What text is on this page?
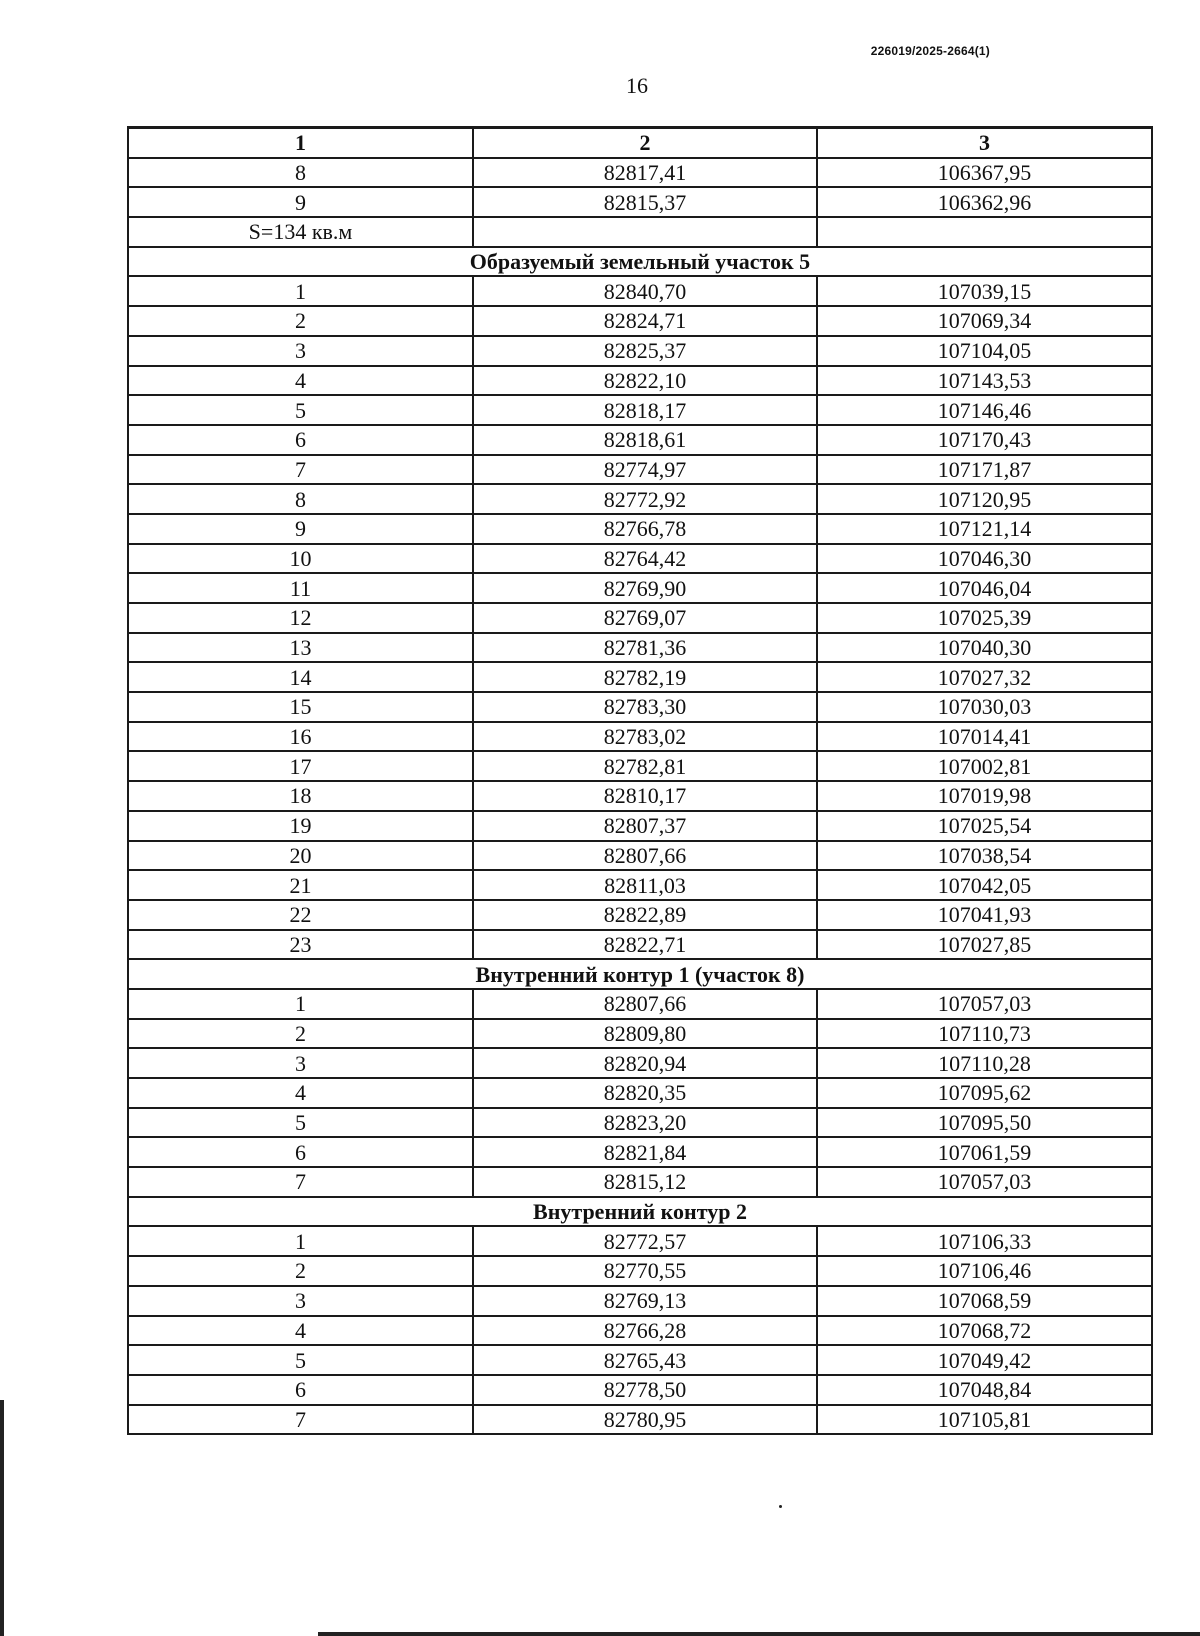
226019/2025-2664(1)
16
1	2	3
8	82817,41	106367,95
9	82815,37	106362,96
S=134 кв.м		
Образуемый земельный участок 5		
1	82840,70	107039,15
2	82824,71	107069,34
3	82825,37	107104,05
4	82822,10	107143,53
5	82818,17	107146,46
6	82818,61	107170,43
7	82774,97	107171,87
8	82772,92	107120,95
9	82766,78	107121,14
10	82764,42	107046,30
11	82769,90	107046,04
12	82769,07	107025,39
13	82781,36	107040,30
14	82782,19	107027,32
15	82783,30	107030,03
16	82783,02	107014,41
17	82782,81	107002,81
18	82810,17	107019,98
19	82807,37	107025,54
20	82807,66	107038,54
21	82811,03	107042,05
22	82822,89	107041,93
23	82822,71	107027,85
Внутренний контур 1 (участок 8)		
1	82807,66	107057,03
2	82809,80	107110,73
3	82820,94	107110,28
4	82820,35	107095,62
5	82823,20	107095,50
6	82821,84	107061,59
7	82815,12	107057,03
Внутренний контур 2		
1	82772,57	107106,33
2	82770,55	107106,46
3	82769,13	107068,59
4	82766,28	107068,72
5	82765,43	107049,42
6	82778,50	107048,84
7	82780,95	107105,81
